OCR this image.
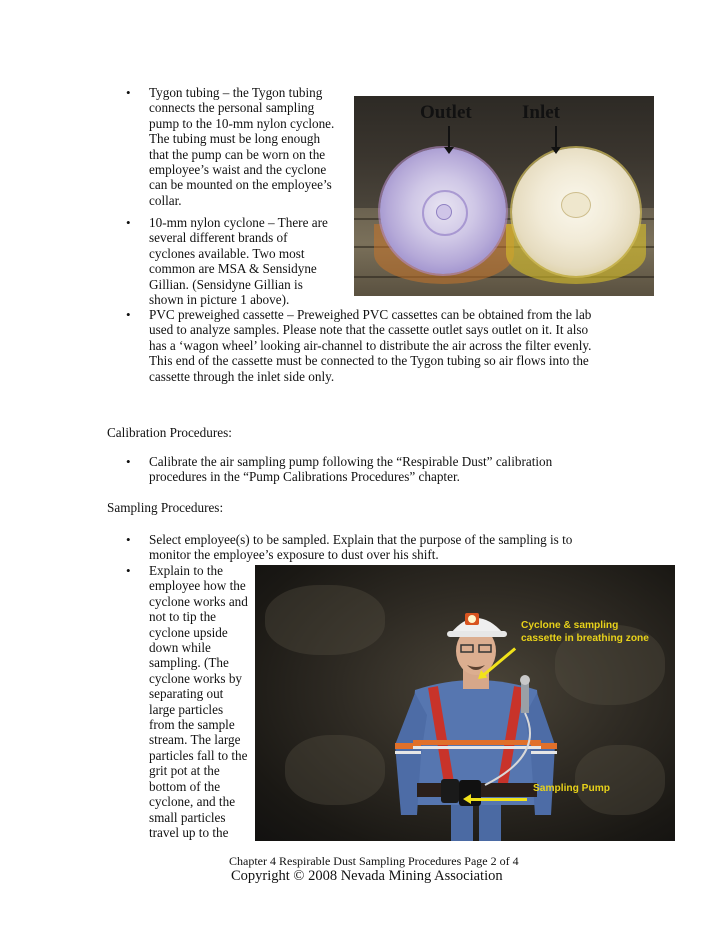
• Tygon tubing – the Tygon tubing
connects the personal sampling
pump to the 10-mm nylon cyclone.
The tubing must be long enough
that the pump can be worn on the
employee’s waist and the cyclone
can be mounted on the employee’s
collar.
• 10-mm nylon cyclone – There are
several different brands of
cyclones available. Two most
common are MSA & Sensidyne
Gillian. (Sensidyne Gillian is
shown in picture 1 above).
• PVC preweighed cassette – Preweighed PVC cassettes can be obtained from the lab
used to analyze samples. Please note that the cassette outlet says outlet on it. It also
has a ‘wagon wheel’ looking air-channel to distribute the air across the filter evenly.
This end of the cassette must be connected to the Tygon tubing so air flows into the
cassette through the inlet side only.
Outlet	Inlet
Calibration Procedures:
• Calibrate the air sampling pump following the “Respirable Dust” calibration
procedures in the “Pump Calibrations Procedures” chapter.
Sampling Procedures:
• Select employee(s) to be sampled. Explain that the purpose of the sampling is to
monitor the employee’s exposure to dust over his shift.
• Explain to the
employee how the
cyclone works and
not to tip the
cyclone upside
down while
sampling. (The
cyclone works by
separating out
large particles
from the sample
stream. The large
particles fall to the
grit pot at the
bottom of the
cyclone, and the
small particles
travel up to the
Cyclone & sampling
cassette in breathing zone
Sampling Pump
Chapter 4 Respirable Dust Sampling Procedures Page 2 of 4
Copyright © 2008 Nevada Mining Association
